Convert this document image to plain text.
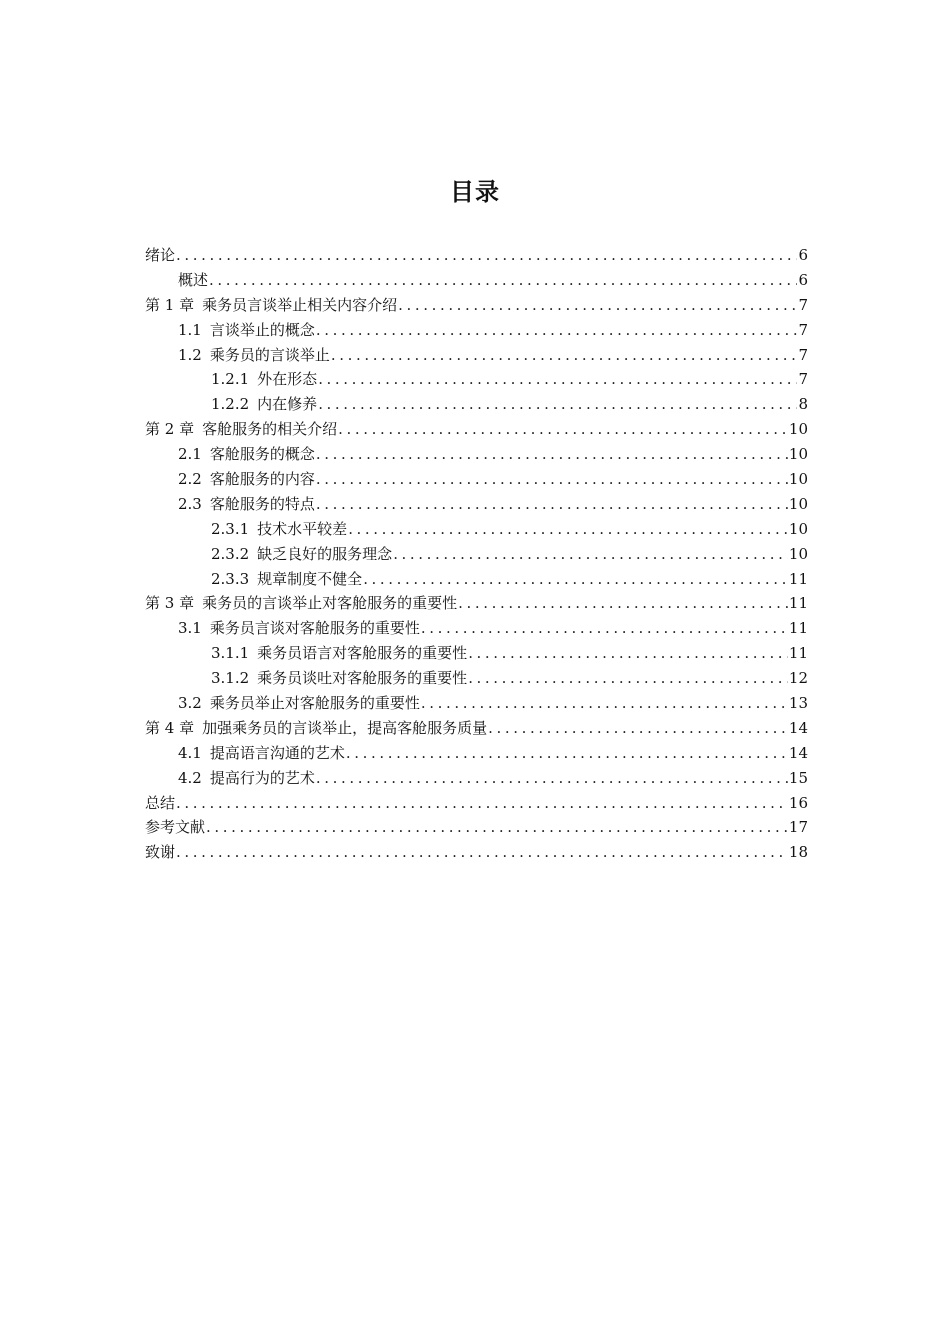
目录
绪论 .....	6
概述 .....	6
第 1 章 乘务员言谈举止相关内容介绍 .....	7
1.1 言谈举止的概念 .....	7
1.2 乘务员的言谈举止 .....	7
1.2.1 外在形态 .....	7
1.2.2 内在修养 .....	8
第 2 章 客舱服务的相关介绍 .....	10
2.1 客舱服务的概念 .....	10
2.2 客舱服务的内容 .....	10
2.3 客舱服务的特点 .....	10
2.3.1 技术水平较差 .....	10
2.3.2 缺乏良好的服务理念 .....	10
2.3.3 规章制度不健全 .....	11
第 3 章 乘务员的言谈举止对客舱服务的重要性 .....	11
3.1 乘务员言谈对客舱服务的重要性 .....	11
3.1.1 乘务员语言对客舱服务的重要性 .....	11
3.1.2 乘务员谈吐对客舱服务的重要性 .....	12
3.2 乘务员举止对客舱服务的重要性 .....	13
第 4 章 加强乘务员的言谈举止，提高客舱服务质量 .....	14
4.1 提高语言沟通的艺术 .....	14
4.2 提高行为的艺术 .....	15
总结 .....	16
参考文献 .....	17
致谢 .....	18
